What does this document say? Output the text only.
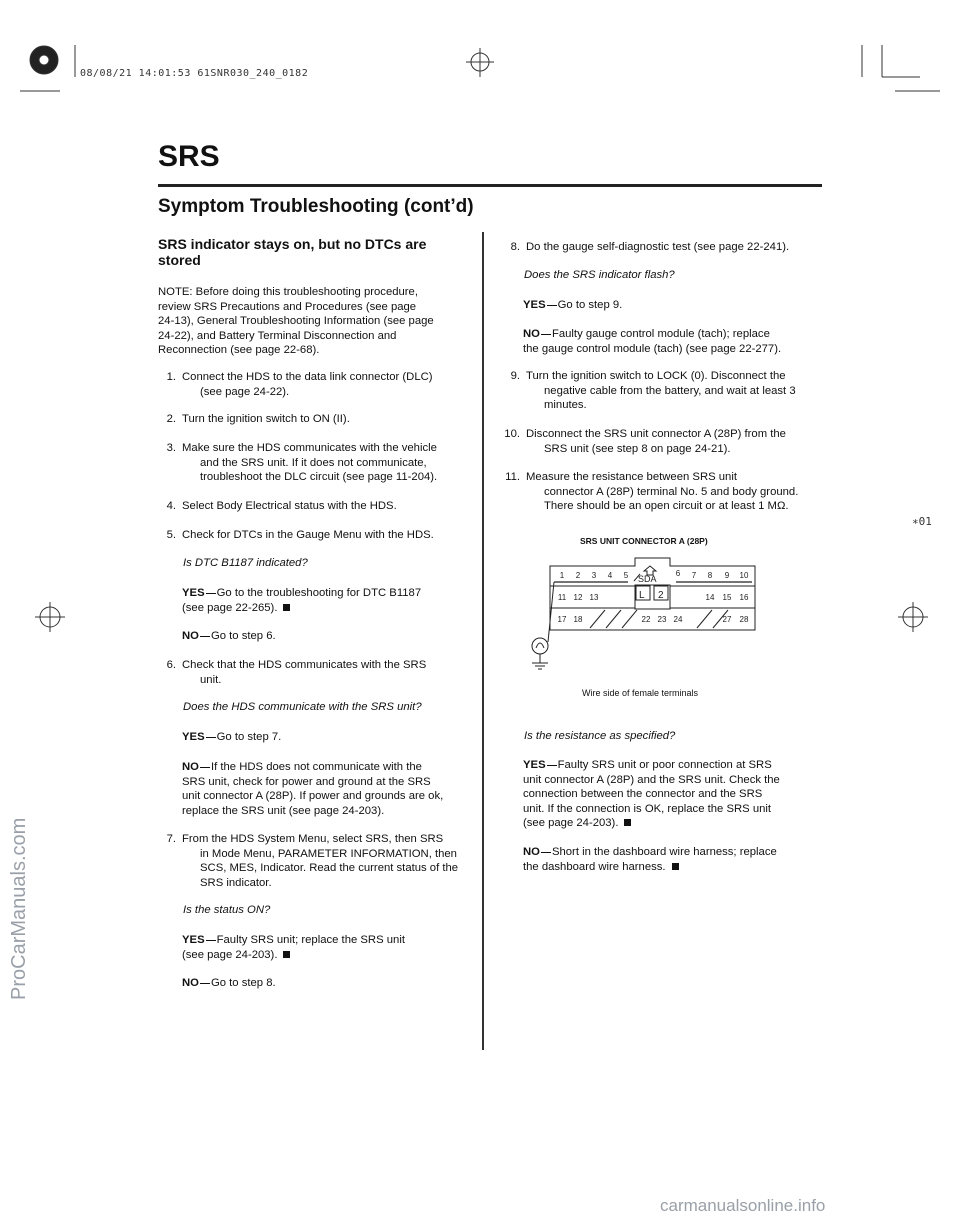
08/08/21 14:01:53 61SNR030_240_0182
SRS
Symptom Troubleshooting (cont’d)
SRS indicator stays on, but no DTCs are stored

NOTE: Before doing this troubleshooting procedure,

review SRS Precautions and Procedures (see page

24-13), General Troubleshooting Information (see page

24-22), and Battery Terminal Disconnection and

Reconnection (see page 22-68).

1. Connect the HDS to the data link connector (DLC)

(see page 24-22).

2. Turn the ignition switch to ON (II).

3. Make sure the HDS communicates with the vehicle

and the SRS unit. If it does not communicate,

troubleshoot the DLC circuit (see page 11-204).

4. Select Body Electrical status with the HDS.

5. Check for DTCs in the Gauge Menu with the HDS.

Is DTC B1187 indicated?

YES Go to the troubleshooting for DTC B1187

(see page 22-265).

NO Go to step 6.
6. Check that the HDS communicates with the SRS

unit.

Does the HDS communicate with the SRS unit?
YES Go to step 7.

NO If the HDS does not communicate with the

SRS unit, check for power and ground at the SRS

unit connector A (28P). If power and grounds are ok,

replace the SRS unit (see page 24-203).

7. From the HDS System Menu, select SRS, then SRS

in Mode Menu, PARAMETER INFORMATION, then

SCS, MES, Indicator. Read the current status of the

SRS indicator.

Is the status ON?

YES Faulty SRS unit; replace the SRS unit

(see page 24-203).

NO Go to step 8.
8. Do the gauge self-diagnostic test (see page 22-241).

Does the SRS indicator flash?
YES Go to step 9.

NO Faulty gauge control module (tach); replace

the gauge control module (tach) (see page 22-277).

9. Turn the ignition switch to LOCK (0). Disconnect the

negative cable from the battery, and wait at least 3

minutes.

10. Disconnect the SRS unit connector A (28P) from the

SRS unit (see step 8 on page 24-21).

11. Measure the resistance between SRS unit

connector A (28P) terminal No. 5 and body ground.

There should be an open circuit or at least 1 MΩ.

SRS UNIT CONNECTOR A (28P)
SDA
L 2
1 2 3 4 5	6 7 8 9 10
11 12 13	14 15 16
17 18	22 23 24	27 28
Wire side of female terminals
Is the resistance as specified?

YES Faulty SRS unit or poor connection at SRS

unit connector A (28P) and the SRS unit. Check the

connection between the connector and the SRS

unit. If the connection is OK, replace the SRS unit

(see page 24-203).

NO Short in the dashboard wire harness; replace

the dashboard wire harness.

∗01
ProCarManuals.com
carmanualsonline.info
